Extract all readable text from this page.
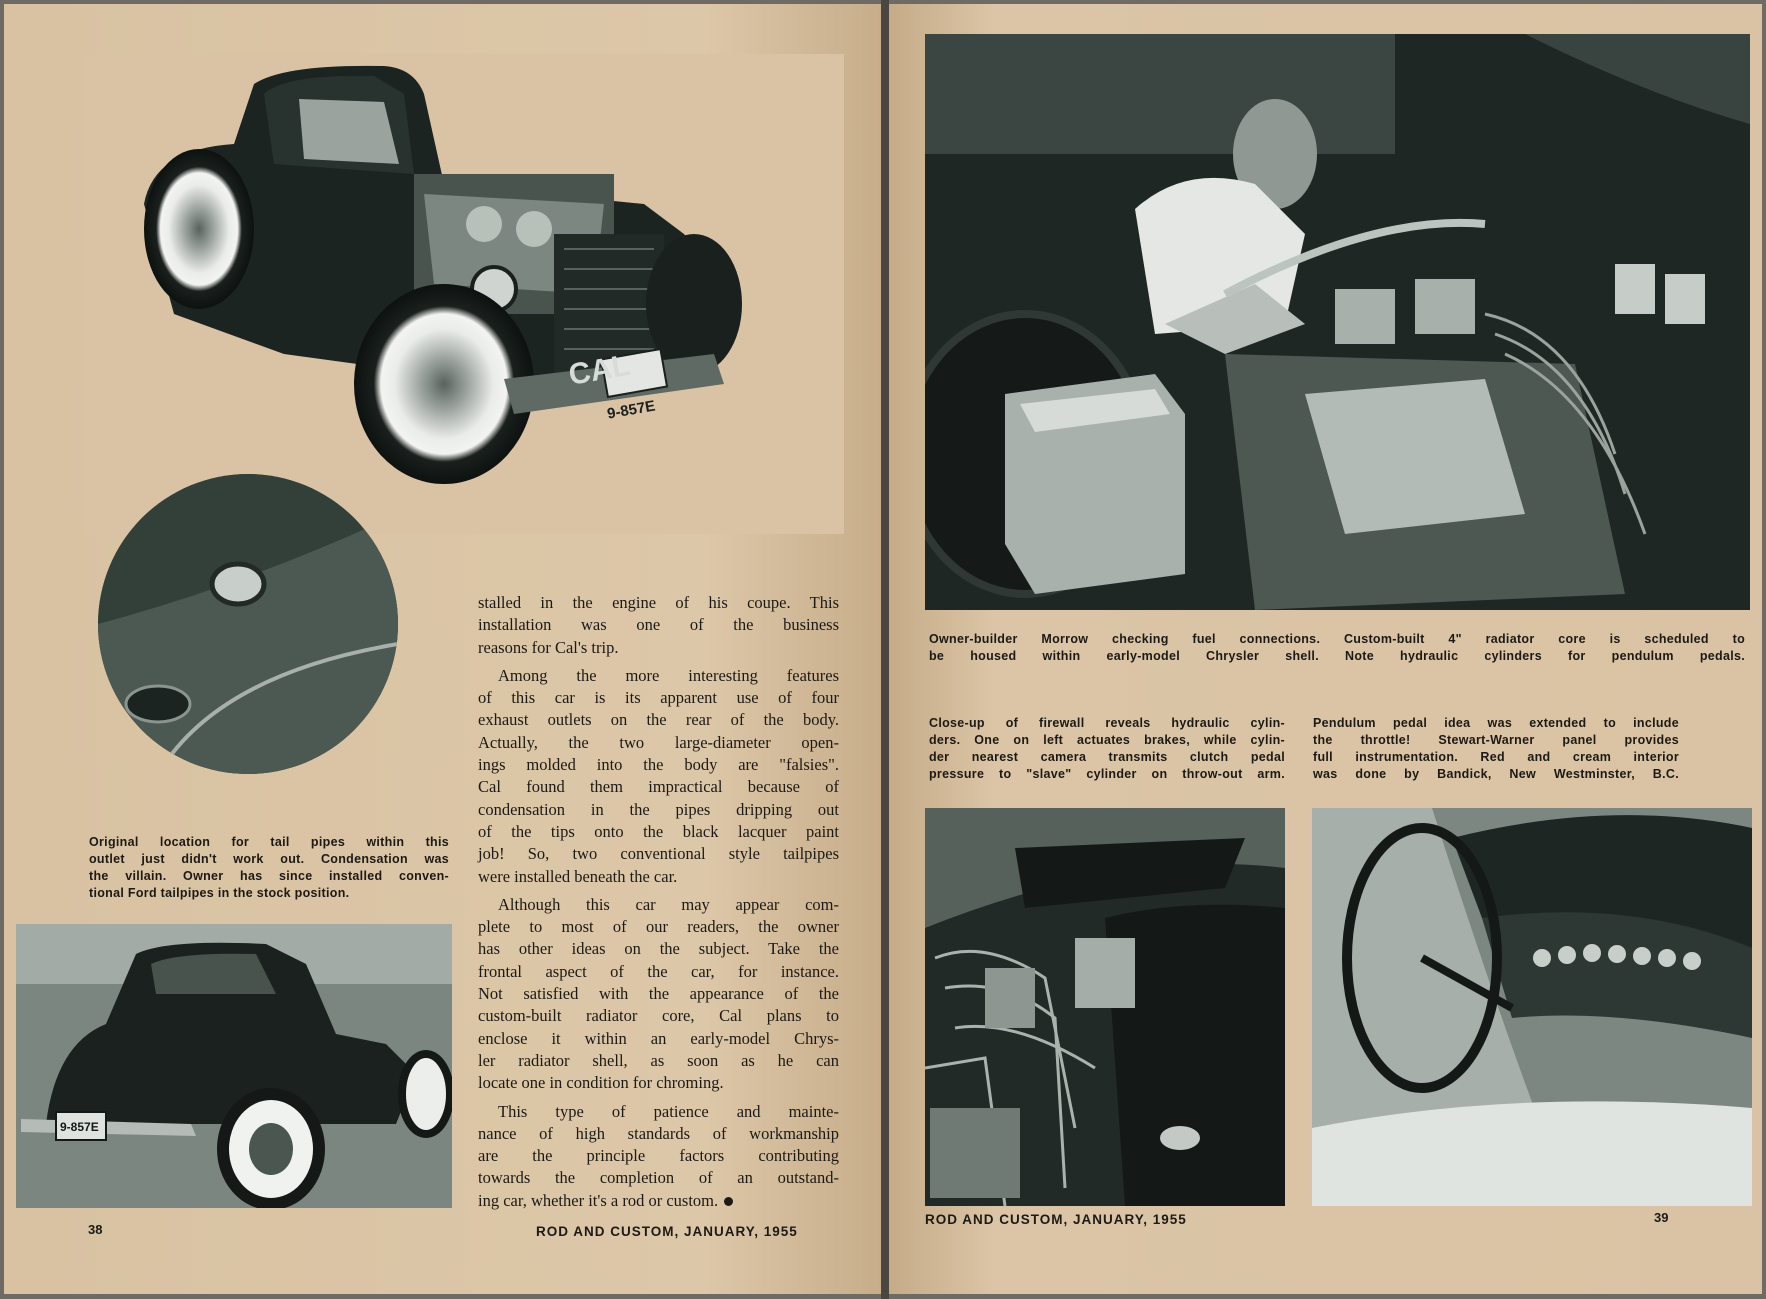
CAL
9-857E
Original location for tail pipes within this
outlet just didn't work out. Condensation was
the villain. Owner has since installed conven-
tional Ford tailpipes in the stock position.
9-857E

stalled in the engine of his coupe. This
installation was one of the business
reasons for Cal's trip.

Among the more interesting features
of this car is its apparent use of four
exhaust outlets on the rear of the body.
Actually, the two large-diameter open-
ings molded into the body are "falsies".
Cal found them impractical because of
condensation in the pipes dripping out
of the tips onto the black lacquer paint
job! So, two conventional style tailpipes
were installed beneath the car.

Although this car may appear com-
plete to most of our readers, the owner
has other ideas on the subject. Take the
frontal aspect of the car, for instance.
Not satisfied with the appearance of the
custom-built radiator core, Cal plans to
enclose it within an early-model Chrys-
ler radiator shell, as soon as he can
locate one in condition for chroming.

This type of patience and mainte-
nance of high standards of workmanship
are the principle factors contributing
towards the completion of an outstand-
ing car, whether it's a rod or custom.

38	ROD AND CUSTOM, JANUARY, 1955
Owner-builder Morrow checking fuel connections. Custom-built 4" radiator core is scheduled to
be housed within early-model Chrysler shell. Note hydraulic cylinders for pendulum pedals.
Close-up of firewall reveals hydraulic cylin-
ders. One on left actuates brakes, while cylin-
der nearest camera transmits clutch pedal
pressure to "slave" cylinder on throw-out arm.
Pendulum pedal idea was extended to include
the throttle! Stewart-Warner panel provides
full instrumentation. Red and cream interior
was done by Bandick, New Westminster, B.C.
ROD AND CUSTOM, JANUARY, 1955	39
